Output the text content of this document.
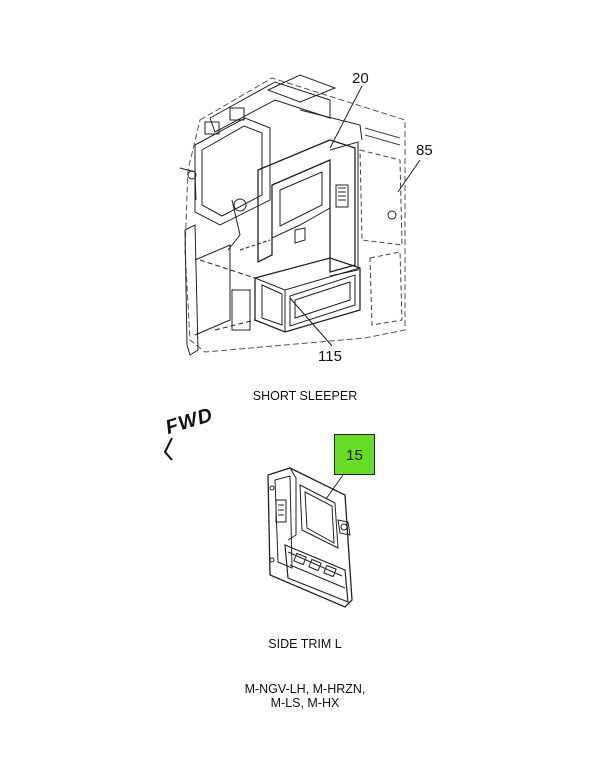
20
85
115
SHORT SLEEPER
FWD
15
SIDE TRIM L
M-NGV-LH, M-HRZN,
M-LS, M-HX
